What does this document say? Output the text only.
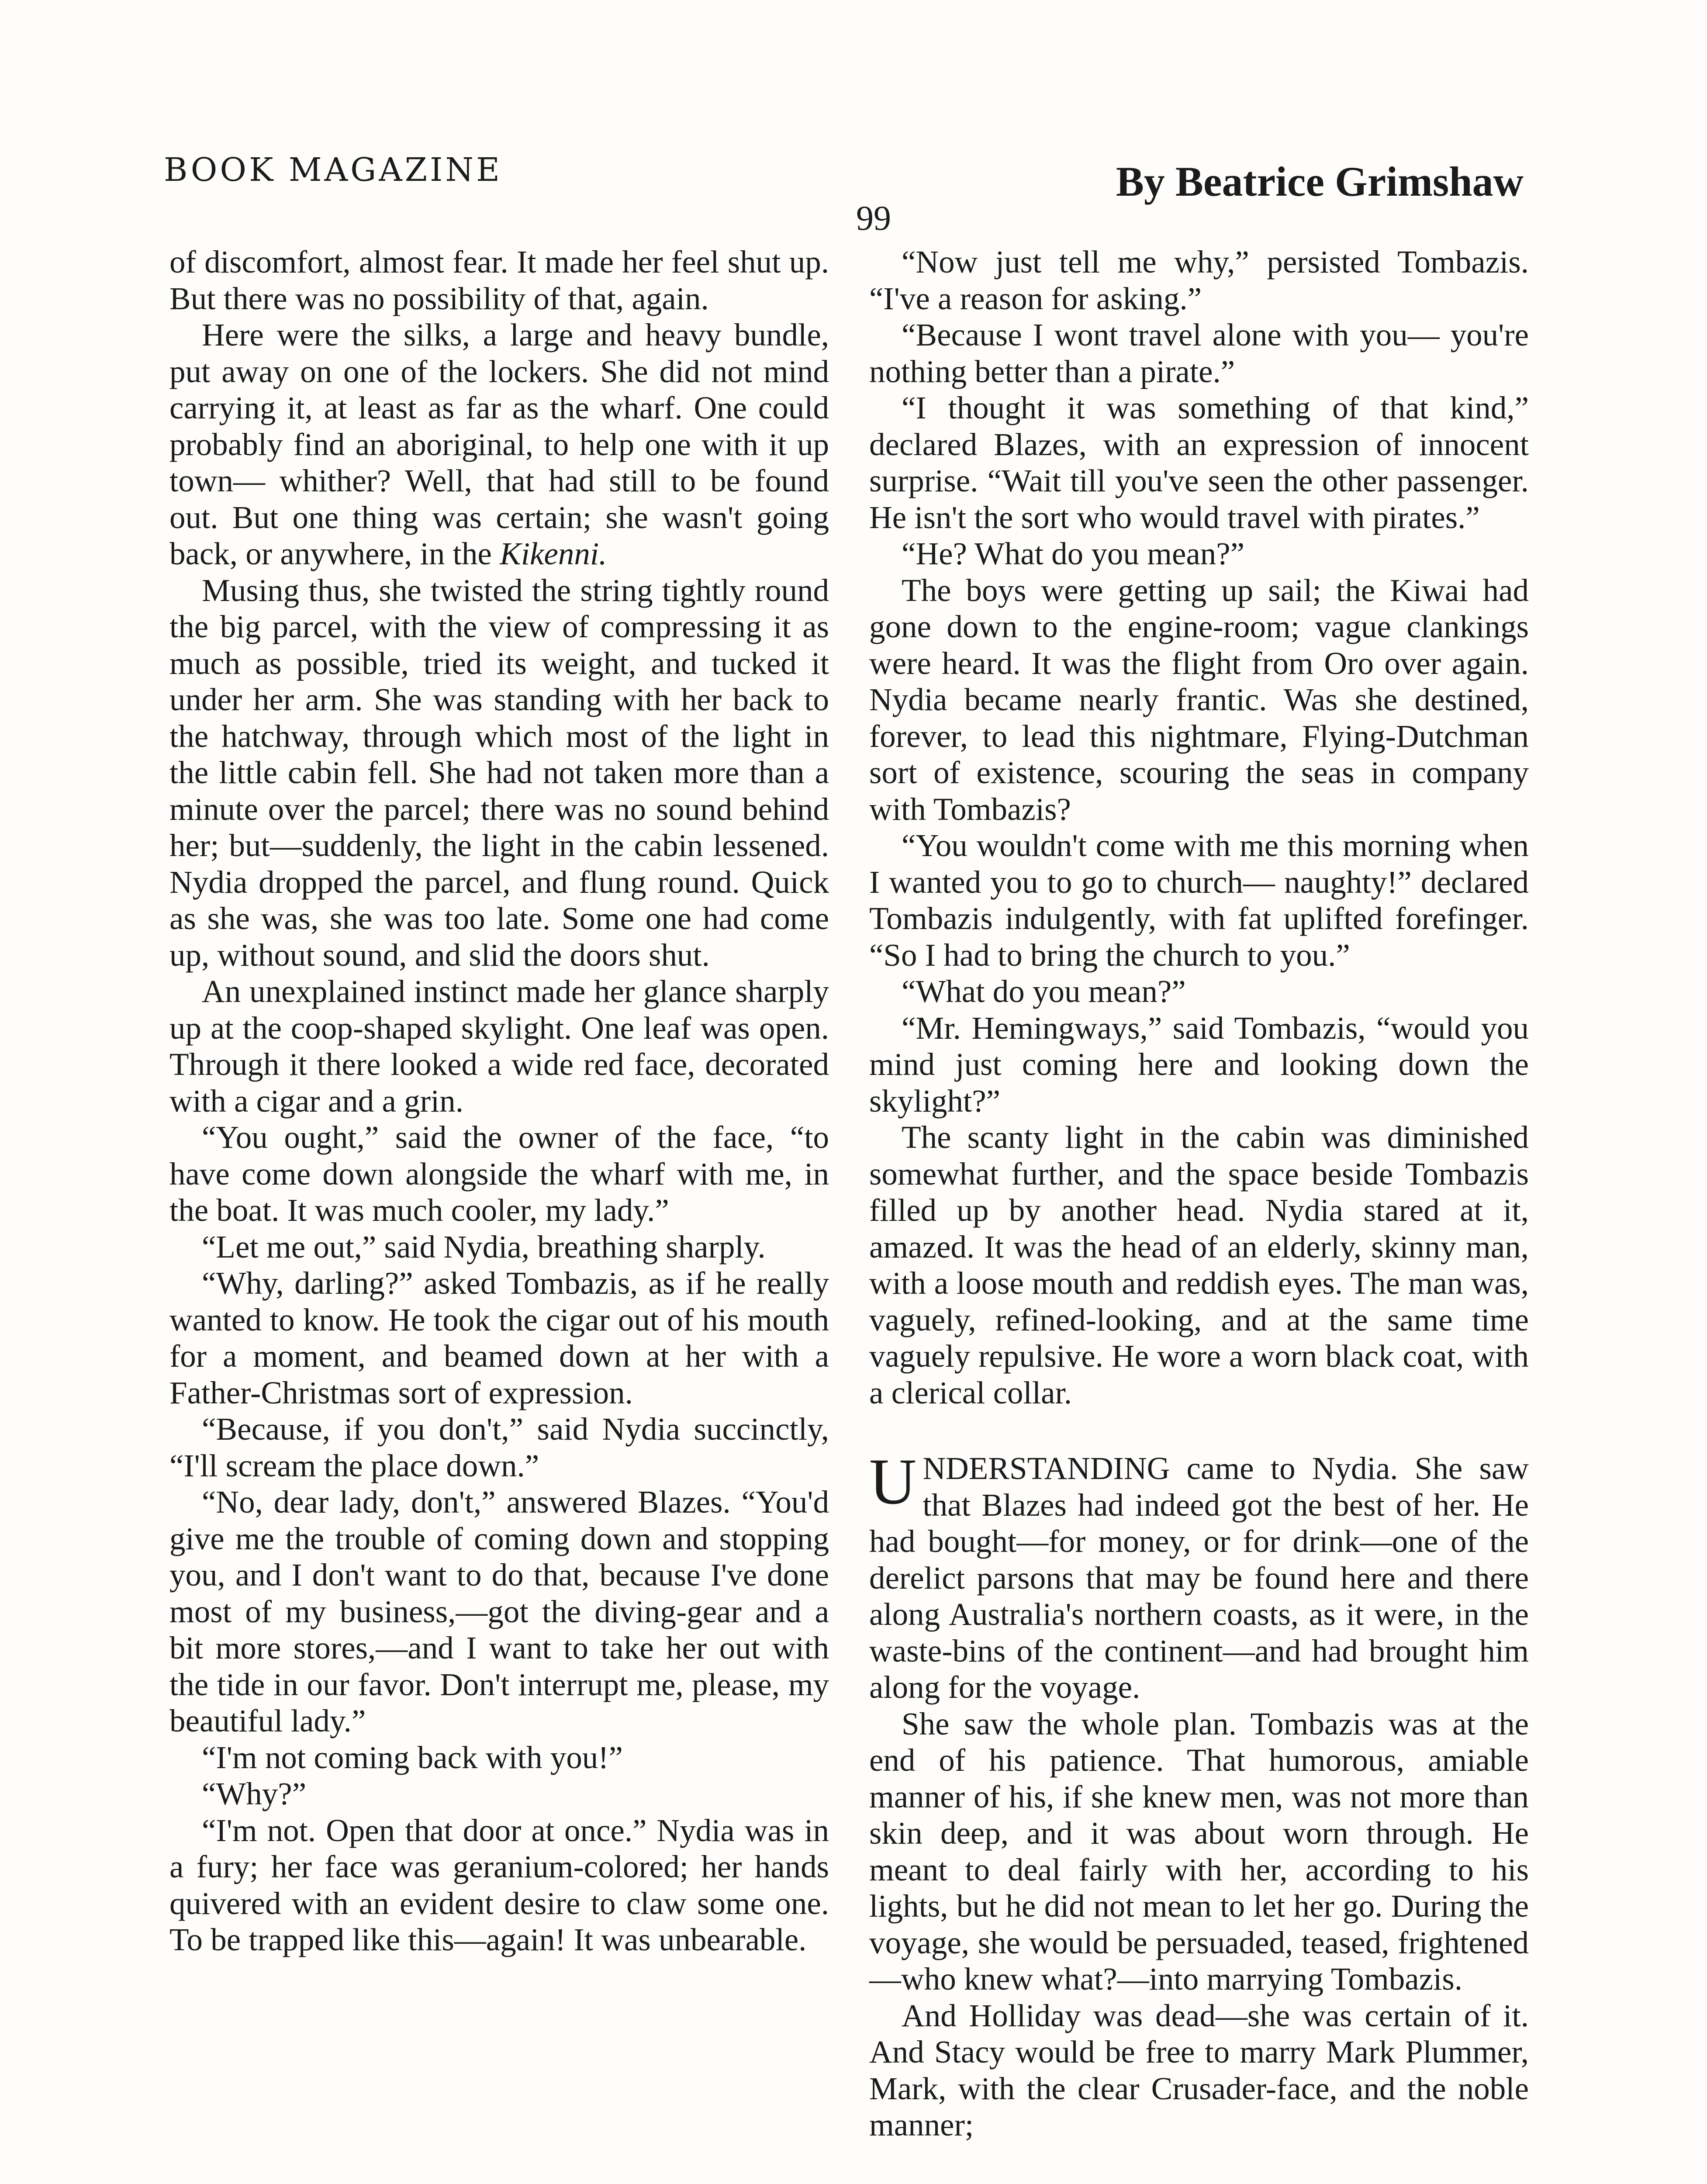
BOOK MAGAZINE
99
By Beatrice Grimshaw

of discomfort, almost fear. It made her feel shut up. But there was no possibility of that, again.

Here were the silks, a large and heavy bundle, put away on one of the lockers. She did not mind carrying it, at least as far as the wharf. One could probably find an aboriginal, to help one with it up town— whither? Well, that had still to be found out. But one thing was certain; she wasn't going back, or anywhere, in the Kikenni.

Musing thus, she twisted the string tightly round the big parcel, with the view of compressing it as much as possible, tried its weight, and tucked it under her arm. She was standing with her back to the hatchway, through which most of the light in the little cabin fell. She had not taken more than a minute over the parcel; there was no sound behind her; but—suddenly, the light in the cabin lessened. Nydia dropped the parcel, and flung round. Quick as she was, she was too late. Some one had come up, without sound, and slid the doors shut.

An unexplained instinct made her glance sharply up at the coop-shaped skylight. One leaf was open. Through it there looked a wide red face, decorated with a cigar and a grin.

“You ought,” said the owner of the face, “to have come down alongside the wharf with me, in the boat. It was much cooler, my lady.”

“Let me out,” said Nydia, breathing sharply.

“Why, darling?” asked Tombazis, as if he really wanted to know. He took the cigar out of his mouth for a moment, and beamed down at her with a Father-Christmas sort of expression.

“Because, if you don't,” said Nydia succinctly, “I'll scream the place down.”

“No, dear lady, don't,” answered Blazes. “You'd give me the trouble of coming down and stopping you, and I don't want to do that, because I've done most of my business,—got the diving-gear and a bit more stores,—and I want to take her out with the tide in our favor. Don't interrupt me, please, my beautiful lady.”

“I'm not coming back with you!”

“Why?”

“I'm not. Open that door at once.” Nydia was in a fury; her face was geranium-colored; her hands quivered with an evident desire to claw some one. To be trapped like this—again! It was unbearable.

“Now just tell me why,” persisted Tombazis. “I've a reason for asking.”

“Because I wont travel alone with you— you're nothing better than a pirate.”

“I thought it was something of that kind,” declared Blazes, with an expression of innocent surprise. “Wait till you've seen the other passenger. He isn't the sort who would travel with pirates.”

“He? What do you mean?”

The boys were getting up sail; the Kiwai had gone down to the engine-room; vague clankings were heard. It was the flight from Oro over again. Nydia became nearly frantic. Was she destined, forever, to lead this nightmare, Flying-Dutchman sort of existence, scouring the seas in company with Tombazis?

“You wouldn't come with me this morning when I wanted you to go to church— naughty!” declared Tombazis indulgently, with fat uplifted forefinger. “So I had to bring the church to you.”

“What do you mean?”

“Mr. Hemingways,” said Tombazis, “would you mind just coming here and looking down the skylight?”

The scanty light in the cabin was diminished somewhat further, and the space beside Tombazis filled up by another head. Nydia stared at it, amazed. It was the head of an elderly, skinny man, with a loose mouth and reddish eyes. The man was, vaguely, refined-looking, and at the same time vaguely repulsive. He wore a worn black coat, with a clerical collar.

UNDERSTANDING came to Nydia. She saw that Blazes had indeed got the best of her. He had bought—for money, or for drink—one of the derelict parsons that may be found here and there along Australia's northern coasts, as it were, in the waste-bins of the continent—and had brought him along for the voyage.

She saw the whole plan. Tombazis was at the end of his patience. That humorous, amiable manner of his, if she knew men, was not more than skin deep, and it was about worn through. He meant to deal fairly with her, according to his lights, but he did not mean to let her go. During the voyage, she would be persuaded, teased, frightened—who knew what?—into marrying Tombazis.

And Holliday was dead—she was certain of it. And Stacy would be free to marry Mark Plummer, Mark, with the clear Crusader-face, and the noble manner;
